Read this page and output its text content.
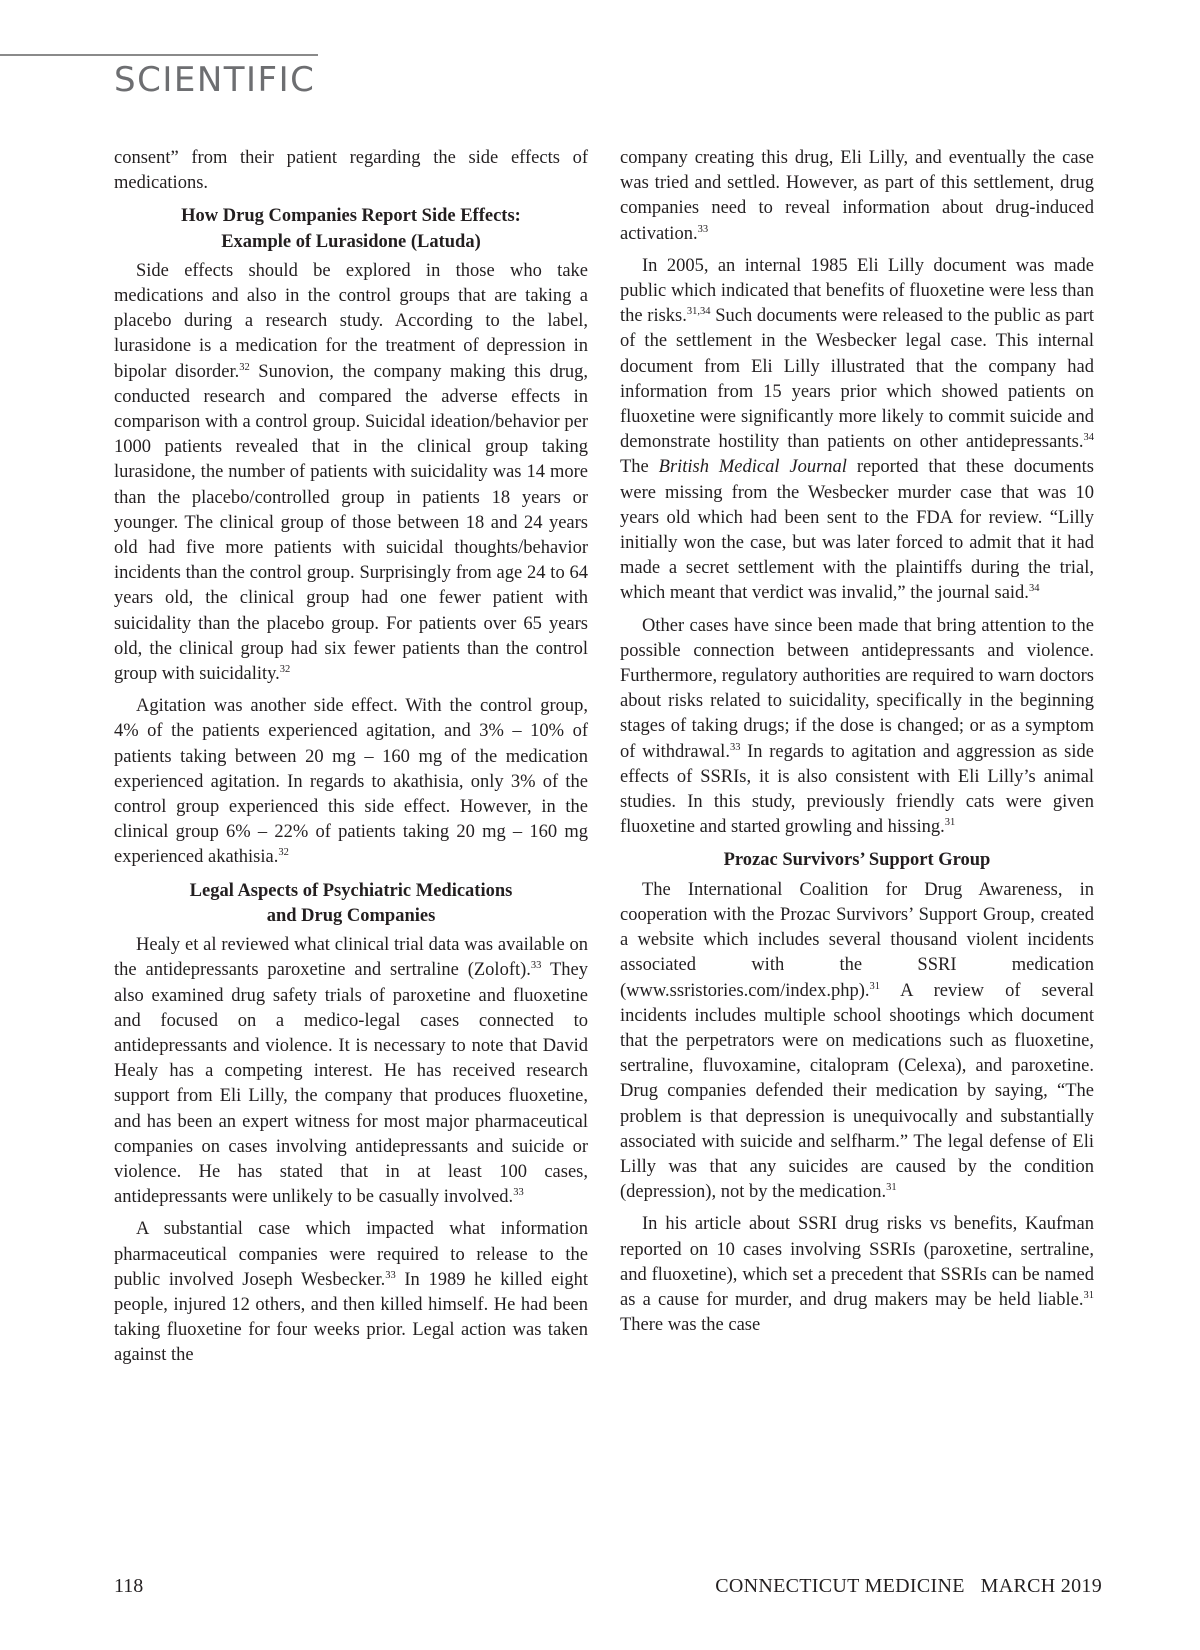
SCIENTIFIC

consent” from their patient regarding the side effects of medications.

How Drug Companies Report Side Effects:
Example of Lurasidone (Latuda)

Side effects should be explored in those who take medications and also in the control groups that are taking a placebo during a research study. According to the label, lurasidone is a medication for the treatment of depression in bipolar disorder.$^{32}$ Sunovion, the company making this drug, conducted research and compared the adverse effects in comparison with a control group. Suicidal ideation/behavior per 1000 patients revealed that in the clinical group taking lurasidone, the number of patients with suicidality was 14 more than the placebo/controlled group in patients 18 years or younger. The clinical group of those between 18 and 24 years old had five more patients with suicidal thoughts/behavior incidents than the control group. Surprisingly from age 24 to 64 years old, the clinical group had one fewer patient with suicidality than the placebo group. For patients over 65 years old, the clinical group had six fewer patients than the control group with suicidality.$^{32}$

Agitation was another side effect. With the control group, 4% of the patients experienced agitation, and 3% – 10% of patients taking between 20 mg – 160 mg of the medication experienced agitation. In regards to akathisia, only 3% of the control group experienced this side effect. However, in the clinical group 6% – 22% of patients taking 20 mg – 160 mg experienced akathisia.$^{32}$

Legal Aspects of Psychiatric Medications
and Drug Companies

Healy et al reviewed what clinical trial data was available on the antidepressants paroxetine and sertraline (Zoloft).$^{33}$ They also examined drug safety trials of paroxetine and fluoxetine and focused on a medico-legal cases connected to antidepressants and violence. It is necessary to note that David Healy has a competing interest. He has received research support from Eli Lilly, the company that produces fluoxetine, and has been an expert witness for most major pharmaceutical companies on cases involving antidepressants and suicide or violence. He has stated that in at least 100 cases, antidepressants were unlikely to be casually involved.$^{33}$

A substantial case which impacted what information pharmaceutical companies were required to release to the public involved Joseph Wesbecker.$^{33}$ In 1989 he killed eight people, injured 12 others, and then killed himself. He had been taking fluoxetine for four weeks prior. Legal action was taken against the

company creating this drug, Eli Lilly, and eventually the case was tried and settled. However, as part of this settlement, drug companies need to reveal information about drug-induced activation.$^{33}$

In 2005, an internal 1985 Eli Lilly document was made public which indicated that benefits of fluoxetine were less than the risks.$^{31,34}$ Such documents were released to the public as part of the settlement in the Wesbecker legal case. This internal document from Eli Lilly illustrated that the company had information from 15 years prior which showed patients on fluoxetine were significantly more likely to commit suicide and demonstrate hostility than patients on other antidepressants.$^{34}$ The British Medical Journal reported that these documents were missing from the Wesbecker murder case that was 10 years old which had been sent to the FDA for review. “Lilly initially won the case, but was later forced to admit that it had made a secret settlement with the plaintiffs during the trial, which meant that verdict was invalid,” the journal said.$^{34}$

Other cases have since been made that bring attention to the possible connection between antidepressants and violence. Furthermore, regulatory authorities are required to warn doctors about risks related to suicidality, specifically in the beginning stages of taking drugs; if the dose is changed; or as a symptom of withdrawal.$^{33}$ In regards to agitation and aggression as side effects of SSRIs, it is also consistent with Eli Lilly’s animal studies. In this study, previously friendly cats were given fluoxetine and started growling and hissing.$^{31}$

Prozac Survivors’ Support Group

The International Coalition for Drug Awareness, in cooperation with the Prozac Survivors’ Support Group, created a website which includes several thousand violent incidents associated with the SSRI medication (www.ssristories.com/index.php).$^{31}$ A review of several incidents includes multiple school shootings which document that the perpetrators were on medications such as fluoxetine, sertraline, fluvoxamine, citalopram (Celexa), and paroxetine. Drug companies defended their medication by saying, “The problem is that depression is unequivocally and substantially associated with suicide and selfharm.” The legal defense of Eli Lilly was that any suicides are caused by the condition (depression), not by the medication.$^{31}$

In his article about SSRI drug risks vs benefits, Kaufman reported on 10 cases involving SSRIs (paroxetine, sertraline, and fluoxetine), which set a precedent that SSRIs can be named as a cause for murder, and drug makers may be held liable.$^{31}$ There was the case

118	CONNECTICUT MEDICINE   MARCH 2019
